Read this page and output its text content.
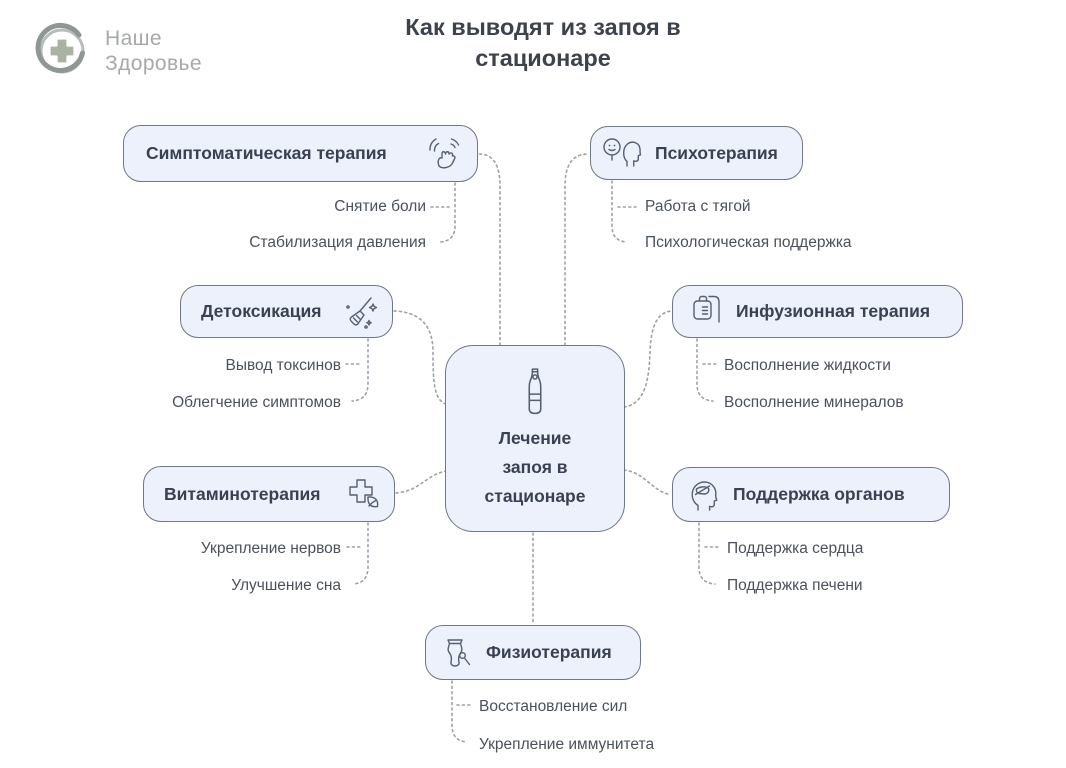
Наше
Здоровье
Как выводят из запоя в
стационаре
Симптоматическая терапия	Психотерапия
Детоксикация	Инфузионная терапия
Лечение
запоя в
стационаре
Витаминотерапия	Поддержка органов
Физиотерапия
Снятие боли
Стабилизация давления
Работа с тягой
Психологическая поддержка
Вывод токсинов
Облегчение симптомов
Восполнение жидкости
Восполнение минералов
Укрепление нервов
Улучшение сна
Поддержка сердца
Поддержка печени
Восстановление сил
Укрепление иммунитета
